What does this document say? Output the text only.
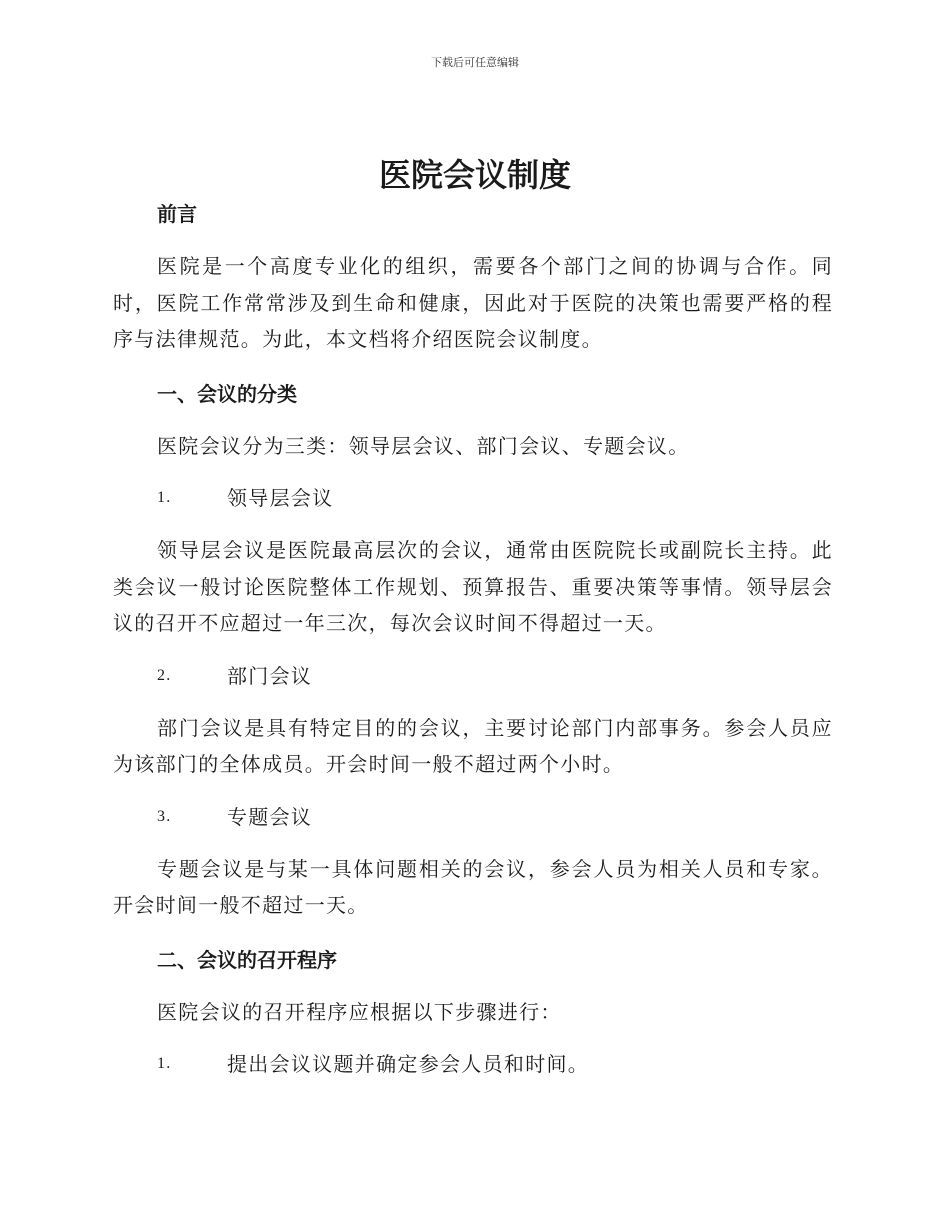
下载后可任意编辑
医院会议制度

前言

医院是一个高度专业化的组织，需要各个部门之间的协调与合作。同时，医院工作常常涉及到生命和健康，因此对于医院的决策也需要严格的程序与法律规范。为此，本文档将介绍医院会议制度。

一、会议的分类

医院会议分为三类：领导层会议、部门会议、专题会议。

1.	领导层会议

领导层会议是医院最高层次的会议，通常由医院院长或副院长主持。此类会议一般讨论医院整体工作规划、预算报告、重要决策等事情。领导层会议的召开不应超过一年三次，每次会议时间不得超过一天。

2.	部门会议

部门会议是具有特定目的的会议，主要讨论部门内部事务。参会人员应为该部门的全体成员。开会时间一般不超过两个小时。

3.	专题会议

专题会议是与某一具体问题相关的会议，参会人员为相关人员和专家。开会时间一般不超过一天。

二、会议的召开程序

医院会议的召开程序应根据以下步骤进行：

1.	提出会议议题并确定参会人员和时间。
